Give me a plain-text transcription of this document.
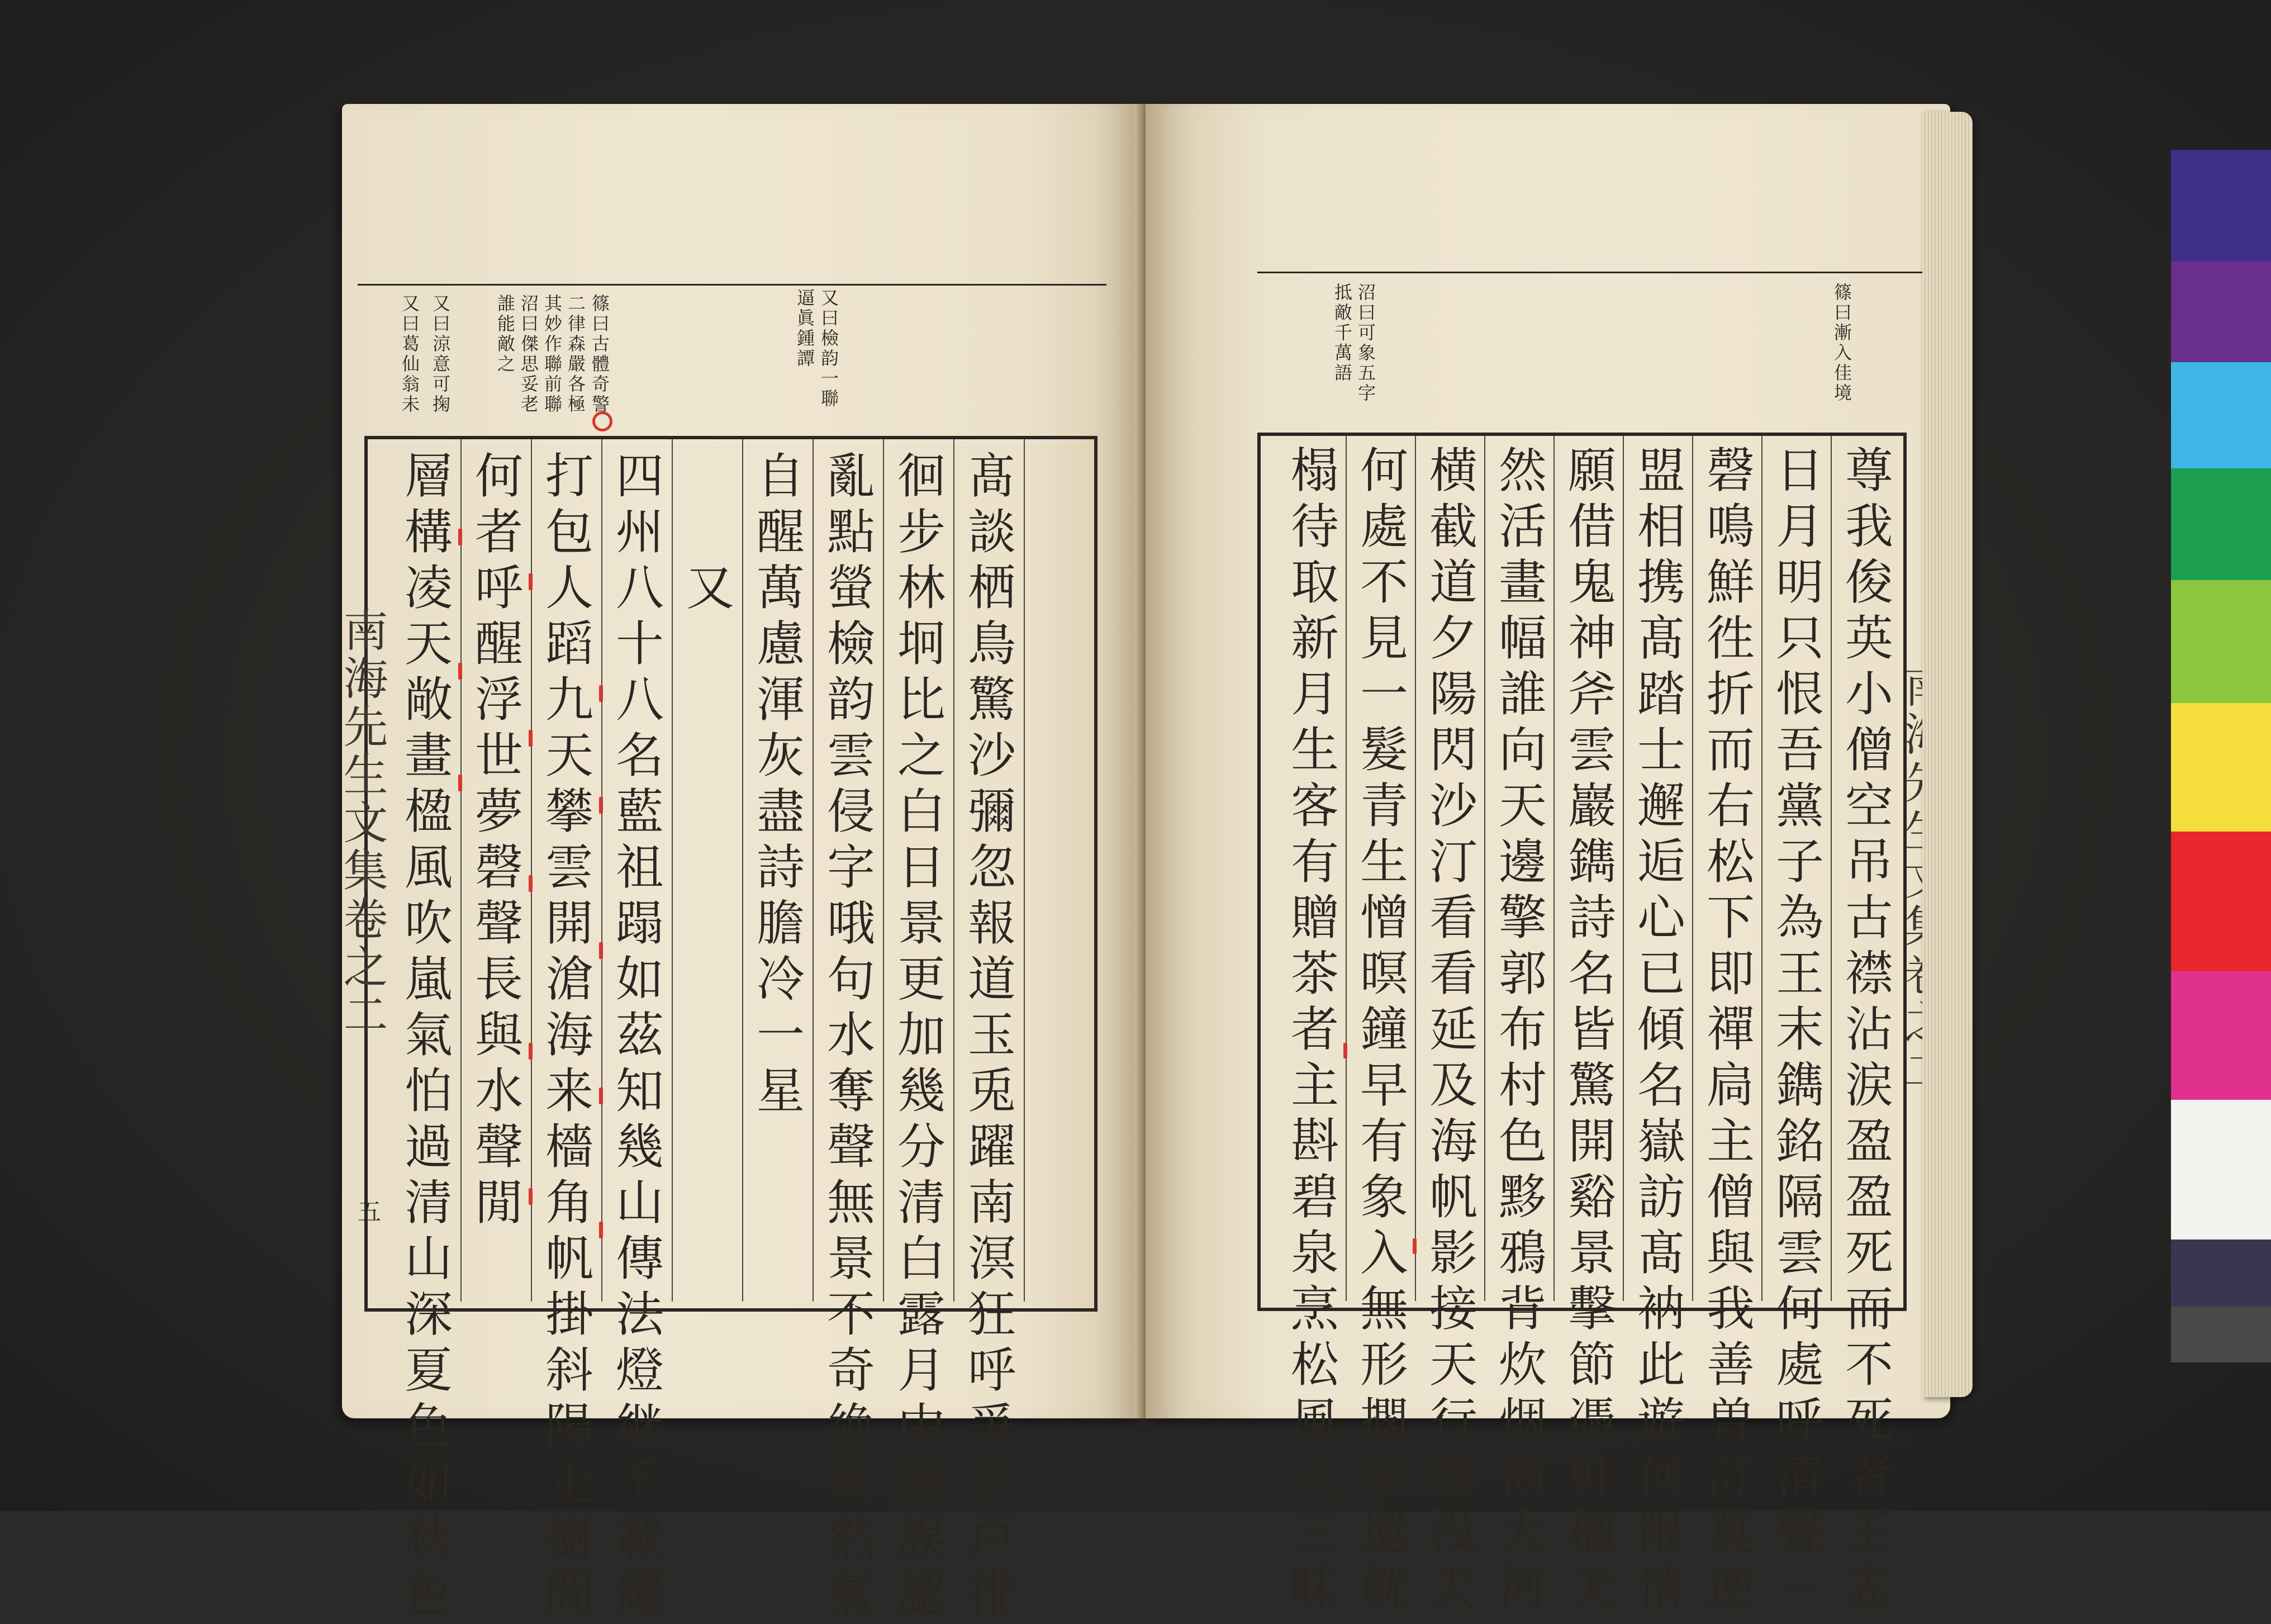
又曰涼意可掬
又曰葛仙翁未	篠曰古體奇警
二律森嚴各極
其妙作聯前聯
沼曰傑思妥老
誰能敵之	又曰檢韵一聯
逼眞鍾譚
髙談栖鳥驚沙彌忽報道玉兎躍南溟狂呼爭出戸徘
徊步林坰比之白日景更加幾分清白露月中滴誤認
亂點螢檢韵雲侵字哦句水奪聲無景不奇絶爽然氣
自醒萬慮渾灰盡詩膽冷一星
又
四州八十八名藍祖蹋如茲知幾山傳法燈継千載耀
打包人蹈九天攀雲開滄海来檣角帆掛斜陽走樹間
何者呼醒浮世夢磬聲長與水聲閒
層構凌天敞畫楹風吹嵐氣怕過清山深夏色如秋色
南海先生文集卷之二
五
篠曰漸入佳境
沼曰可象五字
抵敵千萬語
尊我俊英小僧空吊古襟沾涙盈盈死而不死者王志
日月明只恨吾黨子為王末鐫銘隔雲何處呼清聲一
磬鳴鮮徃折而右松下即禪扃主僧與我善曽訂莫逆
盟相携髙踏士邂逅心已傾名嶽訪髙衲此遊何限情
願借鬼神斧雲巖鐫詩名皆驚開谿景擊節憑軒楹天
然活畫幅誰向天邊擎郭布村色黟鴉背炊烟横大河
横截道夕陽閃沙汀看看延及海帆影接天行鵲没天
何處不見一髮青生憎暝鐘早有象入無形擱筆還就
榻待取新月生客有贈茶者主斟碧泉烹松風入三昧
